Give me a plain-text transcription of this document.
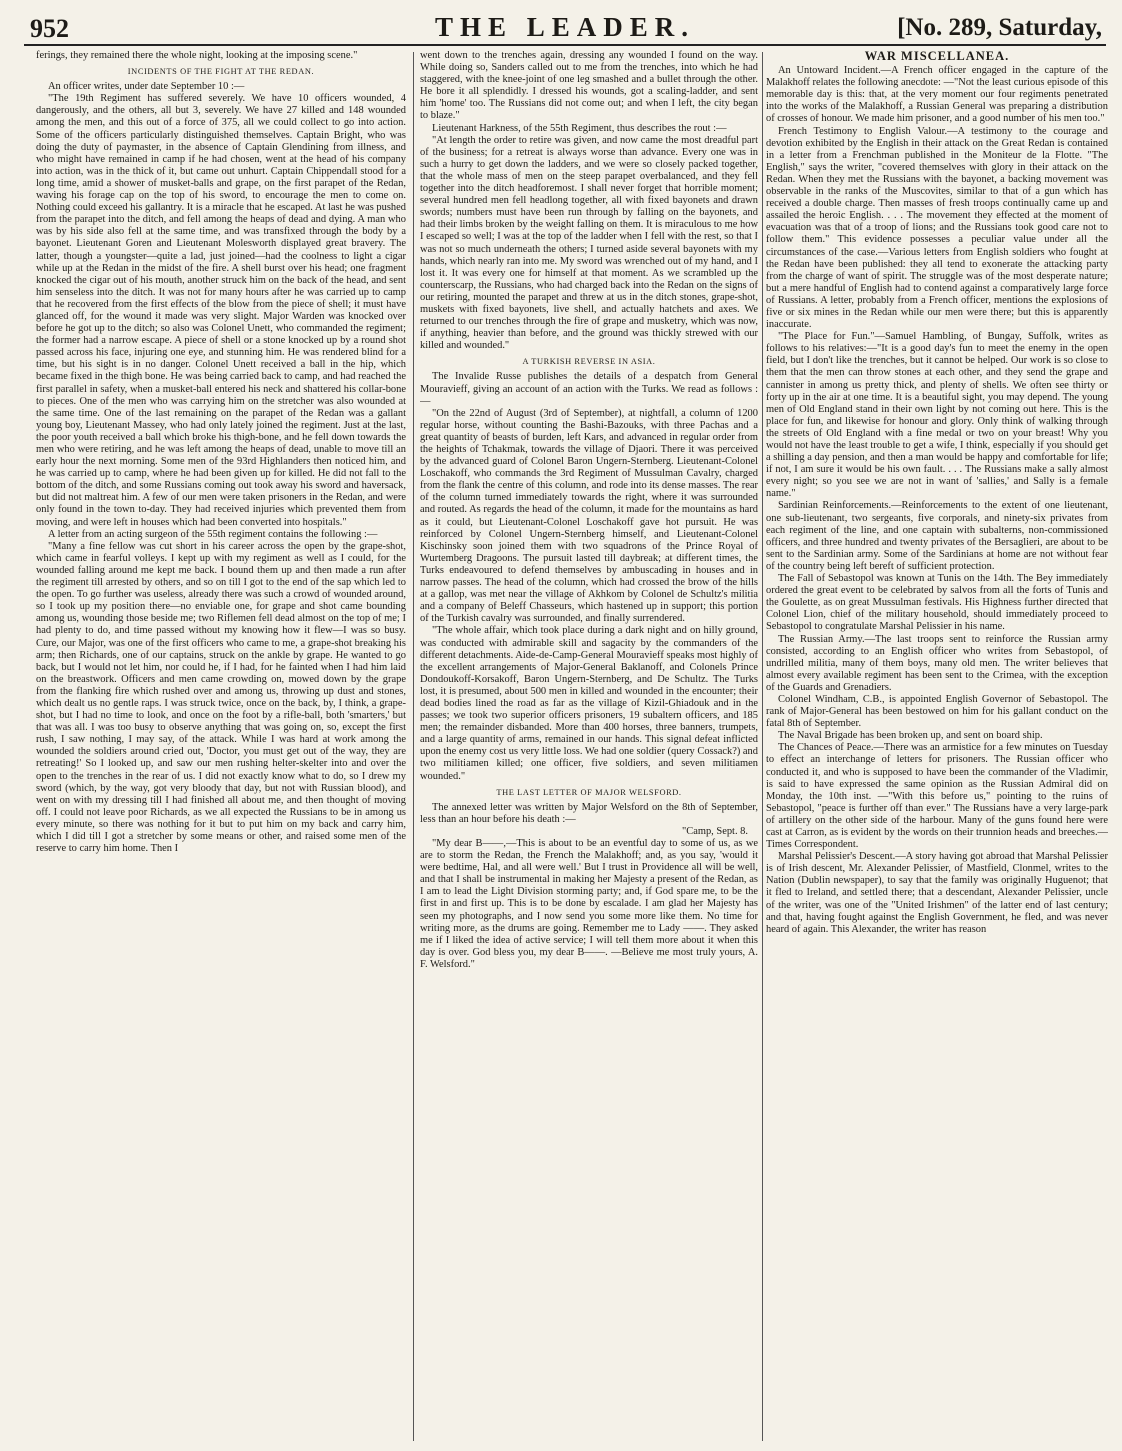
952	THE LEADER.	[No. 289, Saturday,

ferings, they remained there the whole night, looking at the imposing scene."

INCIDENTS OF THE FIGHT AT THE REDAN.

An officer writes, under date September 10 :—

"The 19th Regiment has suffered severely. We have 10 officers wounded, 4 dangerously, and the others, all but 3, severely. We have 27 killed and 148 wounded among the men, and this out of a force of 375, all we could collect to go into action. Some of the officers particularly distinguished themselves. Captain Bright, who was doing the duty of paymaster, in the absence of Captain Glendining from illness, and who might have remained in camp if he had chosen, went at the head of his company into action, was in the thick of it, but came out unhurt. Captain Chippendall stood for a long time, amid a shower of musket-balls and grape, on the first parapet of the Redan, waving his forage cap on the top of his sword, to encourage the men to come on. Nothing could exceed his gallantry. It is a miracle that he escaped. At last he was pushed from the parapet into the ditch, and fell among the heaps of dead and dying. A man who was by his side also fell at the same time, and was transfixed through the body by a bayonet. Lieutenant Goren and Lieutenant Molesworth displayed great bravery. The latter, though a youngster—quite a lad, just joined—had the coolness to light a cigar while up at the Redan in the midst of the fire. A shell burst over his head; one fragment knocked the cigar out of his mouth, another struck him on the back of the head, and sent him senseless into the ditch. It was not for many hours after he was carried up to camp that he recovered from the first effects of the blow from the piece of shell; it must have glanced off, for the wound it made was very slight. Major Warden was knocked over before he got up to the ditch; so also was Colonel Unett, who commanded the regiment; the former had a narrow escape. A piece of shell or a stone knocked up by a round shot passed across his face, injuring one eye, and stunning him. He was rendered blind for a time, but his sight is in no danger. Colonel Unett received a ball in the hip, which became fixed in the thigh bone. He was being carried back to camp, and had reached the first parallel in safety, when a musket-ball entered his neck and shattered his collar-bone to pieces. One of the men who was carrying him on the stretcher was also wounded at the same time. One of the last remaining on the parapet of the Redan was a gallant young boy, Lieutenant Massey, who had only lately joined the regiment. Just at the last, the poor youth received a ball which broke his thigh-bone, and he fell down towards the men who were retiring, and he was left among the heaps of dead, unable to move till an early hour the next morning. Some men of the 93rd Highlanders then noticed him, and he was carried up to camp, where he had been given up for killed. He did not fall to the bottom of the ditch, and some Russians coming out took away his sword and haversack, but did not maltreat him. A few of our men were taken prisoners in the Redan, and were only found in the town to-day. They had received injuries which prevented them from moving, and were left in houses which had been converted into hospitals."

A letter from an acting surgeon of the 55th regiment contains the following :—

"Many a fine fellow was cut short in his career across the open by the grape-shot, which came in fearful volleys. I kept up with my regiment as well as I could, for the wounded falling around me kept me back. I bound them up and then made a run after the regiment till arrested by others, and so on till I got to the end of the sap which led to the open. To go further was useless, already there was such a crowd of wounded around, so I took up my position there—no enviable one, for grape and shot came bounding among us, wounding those beside me; two Riflemen fell dead almost on the top of me; I had plenty to do, and time passed without my knowing how it flew—I was so busy. Cure, our Major, was one of the first officers who came to me, a grape-shot breaking his arm; then Richards, one of our captains, struck on the ankle by grape. He wanted to go back, but I would not let him, nor could he, if I had, for he fainted when I had him laid on the breastwork. Officers and men came crowding on, mowed down by the grape from the flanking fire which rushed over and among us, throwing up dust and stones, which dealt us no gentle raps. I was struck twice, once on the back, by, I think, a grape-shot, but I had no time to look, and once on the foot by a rifle-ball, both 'smarters,' but that was all. I was too busy to observe anything that was going on, so, except the first rush, I saw nothing, I may say, of the attack. While I was hard at work among the wounded the soldiers around cried out, 'Doctor, you must get out of the way, they are retreating!' So I looked up, and saw our men rushing helter-skelter into and over the open to the trenches in the rear of us. I did not exactly know what to do, so I drew my sword (which, by the way, got very bloody that day, but not with Russian blood), and went on with my dressing till I had finished all about me, and then thought of moving off. I could not leave poor Richards, as we all expected the Russians to be in among us every minute, so there was nothing for it but to put him on my back and carry him, which I did till I got a stretcher by some means or other, and raised some men of the reserve to carry him home. Then I

went down to the trenches again, dressing any wounded I found on the way. While doing so, Sanders called out to me from the trenches, into which he had staggered, with the knee-joint of one leg smashed and a bullet through the other. He bore it all splendidly. I dressed his wounds, got a scaling-ladder, and sent him 'home' too. The Russians did not come out; and when I left, the city began to blaze."

Lieutenant Harkness, of the 55th Regiment, thus describes the rout :—

"At length the order to retire was given, and now came the most dreadful part of the business; for a retreat is always worse than advance. Every one was in such a hurry to get down the ladders, and we were so closely packed together, that the whole mass of men on the steep parapet overbalanced, and they fell together into the ditch headforemost. I shall never forget that horrible moment; several hundred men fell headlong together, all with fixed bayonets and drawn swords; numbers must have been run through by falling on the bayonets, and had their limbs broken by the weight falling on them. It is miraculous to me how I escaped so well; I was at the top of the ladder when I fell with the rest, so that I was not so much underneath the others; I turned aside several bayonets with my hands, which nearly ran into me. My sword was wrenched out of my hand, and I lost it. It was every one for himself at that moment. As we scrambled up the counterscarp, the Russians, who had charged back into the Redan on the signs of our retiring, mounted the parapet and threw at us in the ditch stones, grape-shot, muskets with fixed bayonets, live shell, and actually hatchets and axes. We returned to our trenches through the fire of grape and musketry, which was now, if anything, heavier than before, and the ground was thickly strewed with our killed and wounded."

A TURKISH REVERSE IN ASIA.

The Invalide Russe publishes the details of a despatch from General Mouravieff, giving an account of an action with the Turks. We read as follows :—

"On the 22nd of August (3rd of September), at nightfall, a column of 1200 regular horse, without counting the Bashi-Bazouks, with three Pachas and a great quantity of beasts of burden, left Kars, and advanced in regular order from the heights of Tchakmak, towards the village of Djaori. There it was perceived by the advanced guard of Colonel Baron Ungern-Sternberg. Lieutenant-Colonel Loschakoff, who commands the 3rd Regiment of Mussulman Cavalry, charged from the flank the centre of this column, and rode into its dense masses. The rear of the column turned immediately towards the right, where it was surrounded and routed. As regards the head of the column, it made for the mountains as hard as it could, but Lieutenant-Colonel Loschakoff gave hot pursuit. He was reinforced by Colonel Ungern-Sternberg himself, and Lieutenant-Colonel Kischinsky soon joined them with two squadrons of the Prince Royal of Wurtemberg Dragoons. The pursuit lasted till daybreak; at different times, the Turks endeavoured to defend themselves by ambuscading in houses and in narrow passes. The head of the column, which had crossed the brow of the hills at a gallop, was met near the village of Akhkom by Colonel de Schultz's militia and a company of Beleff Chasseurs, which hastened up in support; this portion of the Turkish cavalry was surrounded, and finally surrendered.

"The whole affair, which took place during a dark night and on hilly ground, was conducted with admirable skill and sagacity by the commanders of the different detachments. Aide-de-Camp-General Mouravieff speaks most highly of the excellent arrangements of Major-General Baklanoff, and Colonels Prince Dondoukoff-Korsakoff, Baron Ungern-Sternberg, and De Schultz. The Turks lost, it is presumed, about 500 men in killed and wounded in the encounter; their dead bodies lined the road as far as the village of Kizil-Ghiadouk and in the passes; we took two superior officers prisoners, 19 subaltern officers, and 185 men; the remainder disbanded. More than 400 horses, three banners, trumpets, and a large quantity of arms, remained in our hands. This signal defeat inflicted upon the enemy cost us very little loss. We had one soldier (query Cossack?) and two militiamen killed; one officer, five soldiers, and seven militiamen wounded."

THE LAST LETTER OF MAJOR WELSFORD.

The annexed letter was written by Major Welsford on the 8th of September, less than an hour before his death :—

"Camp, Sept. 8.

"My dear B——,—This is about to be an eventful day to some of us, as we are to storm the Redan, the French the Malakhoff; and, as you say, 'would it were bedtime, Hal, and all were well.' But I trust in Providence all will be well, and that I shall be instrumental in making her Majesty a present of the Redan, as I am to lead the Light Division storming party; and, if God spare me, to be the first in and first up. This is to be done by escalade. I am glad her Majesty has seen my photographs, and I now send you some more like them. No time for writing more, as the drums are going. Remember me to Lady ——. They asked me if I liked the idea of active service; I will tell them more about it when this day is over. God bless you, my dear B——. —Believe me most truly yours, A. F. Welsford."

WAR MISCELLANEA.

An Untoward Incident.—A French officer engaged in the capture of the Malakhoff relates the following anecdote: —"Not the least curious episode of this memorable day is this: that, at the very moment our four regiments penetrated into the works of the Malakhoff, a Russian General was preparing a distribution of crosses of honour. We made him prisoner, and a good number of his men too."

French Testimony to English Valour.—A testimony to the courage and devotion exhibited by the English in their attack on the Great Redan is contained in a letter from a Frenchman published in the Moniteur de la Flotte. "The English," says the writer, "covered themselves with glory in their attack on the Redan. When they met the Russians with the bayonet, a backing movement was observable in the ranks of the Muscovites, similar to that of a gun which has received a double charge. Then masses of fresh troops continually came up and assailed the heroic English. . . . The movement they effected at the moment of evacuation was that of a troop of lions; and the Russians took good care not to follow them." This evidence possesses a peculiar value under all the circumstances of the case.—Various letters from English soldiers who fought at the Redan have been published: they all tend to exonerate the attacking party from the charge of want of spirit. The struggle was of the most desperate nature; but a mere handful of English had to contend against a comparatively large force of Russians. A letter, probably from a French officer, mentions the explosions of five or six mines in the Redan while our men were there; but this is apparently inaccurate.

"The Place for Fun."—Samuel Hambling, of Bungay, Suffolk, writes as follows to his relatives:—"It is a good day's fun to meet the enemy in the open field, but I don't like the trenches, but it cannot be helped. Our work is so close to them that the men can throw stones at each other, and they send the grape and cannister in among us pretty thick, and plenty of shells. We often see thirty or forty up in the air at one time. It is a beautiful sight, you may depend. The young men of Old England stand in their own light by not coming out here. This is the place for fun, and likewise for honour and glory. Only think of walking through the streets of Old England with a fine medal or two on your breast! Why you would not have the least trouble to get a wife, I think, especially if you should get a shilling a day pension, and then a man would be happy and comfortable for life; if not, I am sure it would be his own fault. . . . The Russians make a sally almost every night; so you see we are not in want of 'sallies,' and Sally is a female name."

Sardinian Reinforcements.—Reinforcements to the extent of one lieutenant, one sub-lieutenant, two sergeants, five corporals, and ninety-six privates from each regiment of the line, and one captain with subalterns, non-commissioned officers, and three hundred and twenty privates of the Bersaglieri, are about to be sent to the Sardinian army. Some of the Sardinians at home are not without fear of the country being left bereft of sufficient protection.

The Fall of Sebastopol was known at Tunis on the 14th. The Bey immediately ordered the great event to be celebrated by salvos from all the forts of Tunis and the Goulette, as on great Mussulman festivals. His Highness further directed that Colonel Lion, chief of the military household, should immediately proceed to Sebastopol to congratulate Marshal Pelissier in his name.

The Russian Army.—The last troops sent to reinforce the Russian army consisted, according to an English officer who writes from Sebastopol, of undrilled militia, many of them boys, many old men. The writer believes that almost every available regiment has been sent to the Crimea, with the exception of the Guards and Grenadiers.

Colonel Windham, C.B., is appointed English Governor of Sebastopol. The rank of Major-General has been bestowed on him for his gallant conduct on the fatal 8th of September.

The Naval Brigade has been broken up, and sent on board ship.

The Chances of Peace.—There was an armistice for a few minutes on Tuesday to effect an interchange of letters for prisoners. The Russian officer who conducted it, and who is supposed to have been the commander of the Vladimir, is said to have expressed the same opinion as the Russian Admiral did on Monday, the 10th inst. —"With this before us," pointing to the ruins of Sebastopol, "peace is further off than ever." The Russians have a very large-park of artillery on the other side of the harbour. Many of the guns found here were cast at Carron, as is evident by the words on their trunnion heads and breeches.—Times Correspondent.

Marshal Pelissier's Descent.—A story having got abroad that Marshal Pelissier is of Irish descent, Mr. Alexander Pelissier, of Mastfield, Clonmel, writes to the Nation (Dublin newspaper), to say that the family was originally Huguenot; that it fled to Ireland, and settled there; that a descendant, Alexander Pelissier, uncle of the writer, was one of the "United Irishmen" of the latter end of last century; and that, having fought against the English Government, he fled, and was never heard of again. This Alexander, the writer has reason
